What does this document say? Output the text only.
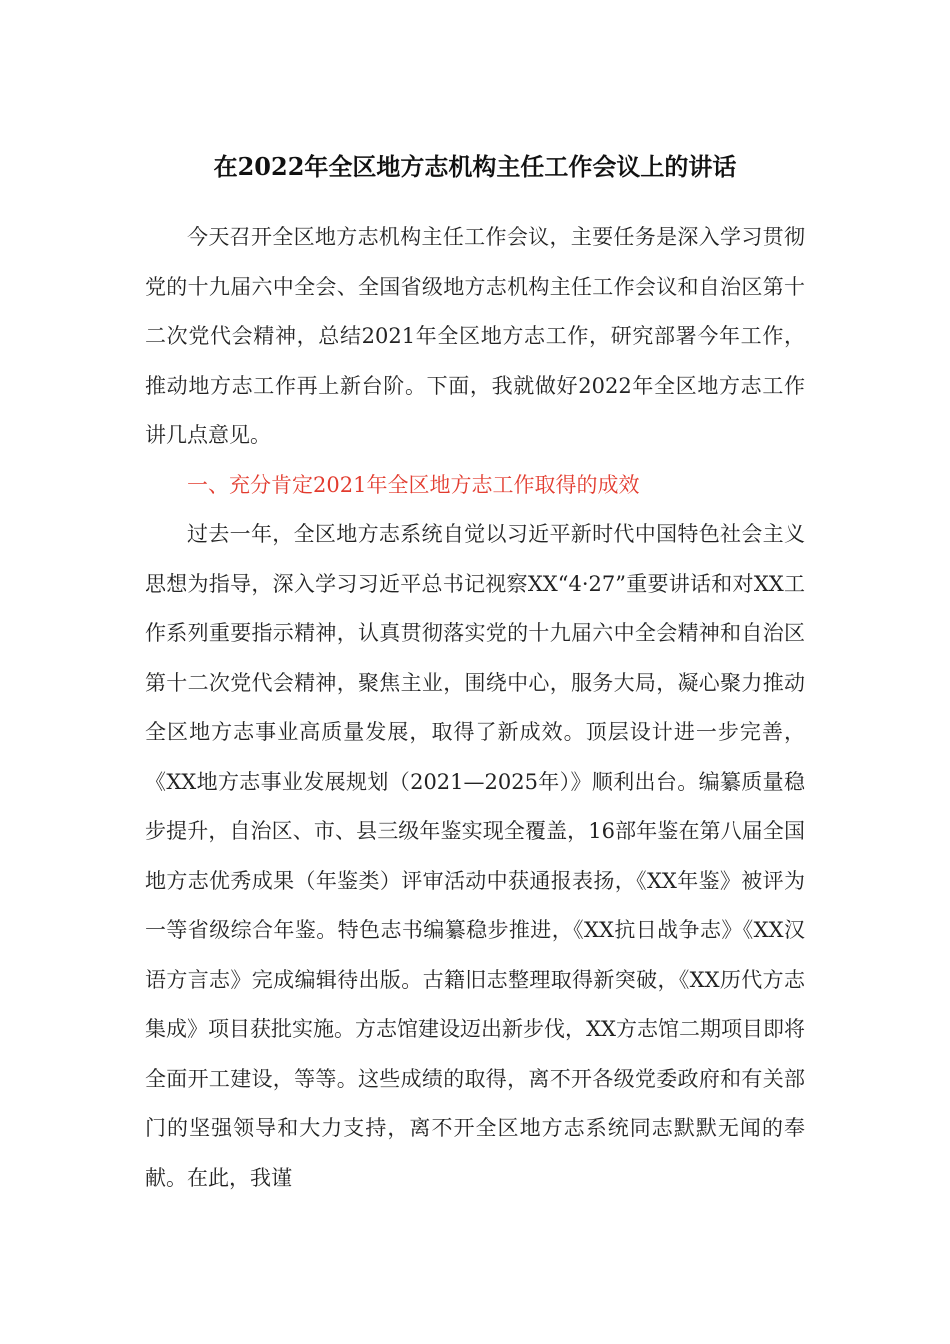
在2022年全区地方志机构主任工作会议上的讲话

今天召开全区地方志机构主任工作会议，主要任务是深入学习贯彻党的十九届六中全会、全国省级地方志机构主任工作会议和自治区第十二次党代会精神，总结2021年全区地方志工作，研究部署今年工作，推动地方志工作再上新台阶。下面，我就做好2022年全区地方志工作讲几点意见。

一、充分肯定2021年全区地方志工作取得的成效

过去一年，全区地方志系统自觉以习近平新时代中国特色社会主义思想为指导，深入学习习近平总书记视察XX“4·27”重要讲话和对XX工作系列重要指示精神，认真贯彻落实党的十九届六中全会精神和自治区第十二次党代会精神，聚焦主业，围绕中心，服务大局，凝心聚力推动全区地方志事业高质量发展，取得了新成效。顶层设计进一步完善，《XX地方志事业发展规划（2021—2025年）》顺利出台。编纂质量稳步提升，自治区、市、县三级年鉴实现全覆盖，16部年鉴在第八届全国地方志优秀成果（年鉴类）评审活动中获通报表扬，《XX年鉴》被评为一等省级综合年鉴。特色志书编纂稳步推进，《XX抗日战争志》《XX汉语方言志》完成编辑待出版。古籍旧志整理取得新突破，《XX历代方志集成》项目获批实施。方志馆建设迈出新步伐，XX方志馆二期项目即将全面开工建设，等等。这些成绩的取得，离不开各级党委政府和有关部门的坚强领导和大力支持，离不开全区地方志系统同志默默无闻的奉献。在此，我谨
